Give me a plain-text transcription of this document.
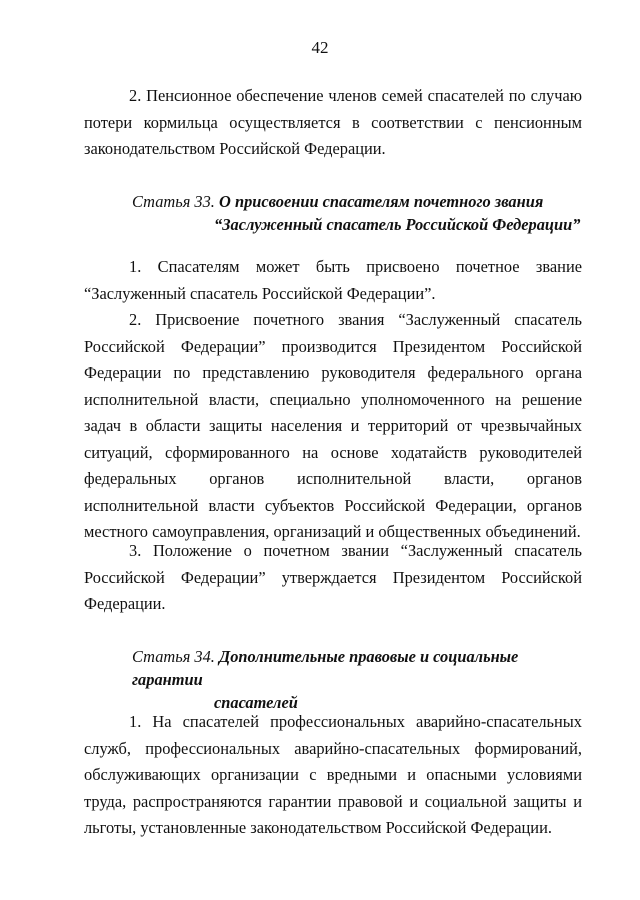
42

2. Пенсионное обеспечение членов семей спасателей по случаю потери кормильца осуществляется в соответствии с пенсионным законодательством Российской Федерации.

Статья 33. О присвоении спасателям почетного звания
“Заслуженный спасатель Российской Федерации”

1. Спасателям может быть присвоено почетное звание “Заслуженный спасатель Российской Федерации”.

2. Присвоение почетного звания “Заслуженный спасатель Российской Федерации” производится Президентом Российской Федерации по представлению руководителя федерального органа исполнительной власти, специально уполномоченного на решение задач в области защиты населения и территорий от чрезвычайных ситуаций, сформированного на основе ходатайств руководителей федеральных органов исполнительной власти, органов исполнительной власти субъектов Российской Федерации, органов местного самоуправления, организаций и общественных объединений.

3. Положение о почетном звании “Заслуженный спасатель Российской Федерации” утверждается Президентом Российской Федерации.

Статья 34. Дополнительные правовые и социальные гарантии
спасателей

1. На спасателей профессиональных аварийно-спасательных служб, профессиональных аварийно-спасательных формирований, обслуживающих организации с вредными и опасными условиями труда, распространяются гарантии правовой и социальной защиты и льготы, установленные законодательством Российской Федерации.
